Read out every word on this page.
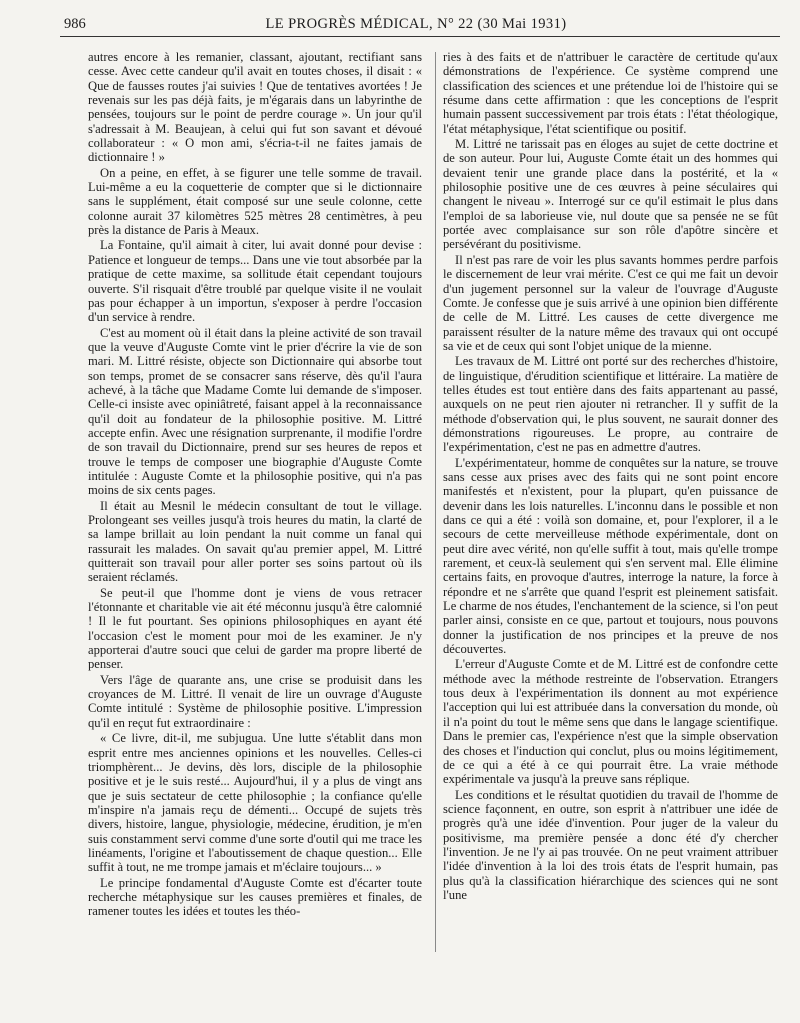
986	LE PROGRÈS MÉDICAL, N° 22 (30 Mai 1931)

autres encore à les remanier, classant, ajoutant, rectifiant sans cesse. Avec cette candeur qu'il avait en toutes choses, il disait : « Que de fausses routes j'ai suivies ! Que de tentatives avortées ! Je revenais sur les pas déjà faits, je m'égarais dans un labyrinthe de pensées, toujours sur le point de perdre courage ». Un jour qu'il s'adressait à M. Beaujean, à celui qui fut son savant et dévoué collaborateur : « O mon ami, s'écria-t-il ne faites jamais de dictionnaire ! »

On a peine, en effet, à se figurer une telle somme de travail. Lui-même a eu la coquetterie de compter que si le dictionnaire sans le supplément, était composé sur une seule colonne, cette colonne aurait 37 kilomètres 525 mètres 28 centimètres, à peu près la distance de Paris à Meaux.

La Fontaine, qu'il aimait à citer, lui avait donné pour devise : Patience et longueur de temps... Dans une vie tout absorbée par la pratique de cette maxime, sa sollitude était cependant toujours ouverte. S'il risquait d'être troublé par quelque visite il ne voulait pas pour échapper à un importun, s'exposer à perdre l'occasion d'un service à rendre.

C'est au moment où il était dans la pleine activité de son travail que la veuve d'Auguste Comte vint le prier d'écrire la vie de son mari. M. Littré résiste, objecte son Dictionnaire qui absorbe tout son temps, promet de se consacrer sans réserve, dès qu'il l'aura achevé, à la tâche que Madame Comte lui demande de s'imposer. Celle-ci insiste avec opiniâtreté, faisant appel à la reconnaissance qu'il doit au fondateur de la philosophie positive. M. Littré accepte enfin. Avec une résignation surprenante, il modifie l'ordre de son travail du Dictionnaire, prend sur ses heures de repos et trouve le temps de composer une biographie d'Auguste Comte intitulée : Auguste Comte et la philosophie positive, qui n'a pas moins de six cents pages.

Il était au Mesnil le médecin consultant de tout le village. Prolongeant ses veilles jusqu'à trois heures du matin, la clarté de sa lampe brillait au loin pendant la nuit comme un fanal qui rassurait les malades. On savait qu'au premier appel, M. Littré quitterait son travail pour aller porter ses soins partout où ils seraient réclamés.

Se peut-il que l'homme dont je viens de vous retracer l'étonnante et charitable vie ait été méconnu jusqu'à être calomnié ! Il le fut pourtant. Ses opinions philosophiques en ayant été l'occasion c'est le moment pour moi de les examiner. Je n'y apporterai d'autre souci que celui de garder ma propre liberté de penser.

Vers l'âge de quarante ans, une crise se produisit dans les croyances de M. Littré. Il venait de lire un ouvrage d'Auguste Comte intitulé : Système de philosophie positive. L'impression qu'il en reçut fut extraordinaire :

« Ce livre, dit-il, me subjugua. Une lutte s'établit dans mon esprit entre mes anciennes opinions et les nouvelles. Celles-ci triomphèrent... Je devins, dès lors, disciple de la philosophie positive et je le suis resté... Aujourd'hui, il y a plus de vingt ans que je suis sectateur de cette philosophie ; la confiance qu'elle m'inspire n'a jamais reçu de démenti... Occupé de sujets très divers, histoire, langue, physiologie, médecine, érudition, je m'en suis constamment servi comme d'une sorte d'outil qui me trace les linéaments, l'origine et l'aboutissement de chaque question... Elle suffit à tout, ne me trompe jamais et m'éclaire toujours... »

Le principe fondamental d'Auguste Comte est d'écarter toute recherche métaphysique sur les causes premières et finales, de ramener toutes les idées et toutes les théo-

ries à des faits et de n'attribuer le caractère de certitude qu'aux démonstrations de l'expérience. Ce système comprend une classification des sciences et une prétendue loi de l'histoire qui se résume dans cette affirmation : que les conceptions de l'esprit humain passent successivement par trois états : l'état théologique, l'état métaphysique, l'état scientifique ou positif.

M. Littré ne tarissait pas en éloges au sujet de cette doctrine et de son auteur. Pour lui, Auguste Comte était un des hommes qui devaient tenir une grande place dans la postérité, et la « philosophie positive une de ces œuvres à peine séculaires qui changent le niveau ». Interrogé sur ce qu'il estimait le plus dans l'emploi de sa laborieuse vie, nul doute que sa pensée ne se fût portée avec complaisance sur son rôle d'apôtre sincère et persévérant du positivisme.

Il n'est pas rare de voir les plus savants hommes perdre parfois le discernement de leur vrai mérite. C'est ce qui me fait un devoir d'un jugement personnel sur la valeur de l'ouvrage d'Auguste Comte. Je confesse que je suis arrivé à une opinion bien différente de celle de M. Littré. Les causes de cette divergence me paraissent résulter de la nature même des travaux qui ont occupé sa vie et de ceux qui sont l'objet unique de la mienne.

Les travaux de M. Littré ont porté sur des recherches d'histoire, de linguistique, d'érudition scientifique et littéraire. La matière de telles études est tout entière dans des faits appartenant au passé, auxquels on ne peut rien ajouter ni retrancher. Il y suffit de la méthode d'observation qui, le plus souvent, ne saurait donner des démonstrations rigoureuses. Le propre, au contraire de l'expérimentation, c'est ne pas en admettre d'autres.

L'expérimentateur, homme de conquêtes sur la nature, se trouve sans cesse aux prises avec des faits qui ne sont point encore manifestés et n'existent, pour la plupart, qu'en puissance de devenir dans les lois naturelles. L'inconnu dans le possible et non dans ce qui a été : voilà son domaine, et, pour l'explorer, il a le secours de cette merveilleuse méthode expérimentale, dont on peut dire avec vérité, non qu'elle suffit à tout, mais qu'elle trompe rarement, et ceux-là seulement qui s'en servent mal. Elle élimine certains faits, en provoque d'autres, interroge la nature, la force à répondre et ne s'arrête que quand l'esprit est pleinement satisfait. Le charme de nos études, l'enchantement de la science, si l'on peut parler ainsi, consiste en ce que, partout et toujours, nous pouvons donner la justification de nos principes et la preuve de nos découvertes.

L'erreur d'Auguste Comte et de M. Littré est de confondre cette méthode avec la méthode restreinte de l'observation. Etrangers tous deux à l'expérimentation ils donnent au mot expérience l'acception qui lui est attribuée dans la conversation du monde, où il n'a point du tout le même sens que dans le langage scientifique. Dans le premier cas, l'expérience n'est que la simple observation des choses et l'induction qui conclut, plus ou moins légitimement, de ce qui a été à ce qui pourrait être. La vraie méthode expérimentale va jusqu'à la preuve sans réplique.

Les conditions et le résultat quotidien du travail de l'homme de science façonnent, en outre, son esprit à n'attribuer une idée de progrès qu'à une idée d'invention. Pour juger de la valeur du positivisme, ma première pensée a donc été d'y chercher l'invention. Je ne l'y ai pas trouvée. On ne peut vraiment attribuer l'idée d'invention à la loi des trois états de l'esprit humain, pas plus qu'à la classification hiérarchique des sciences qui ne sont l'une
